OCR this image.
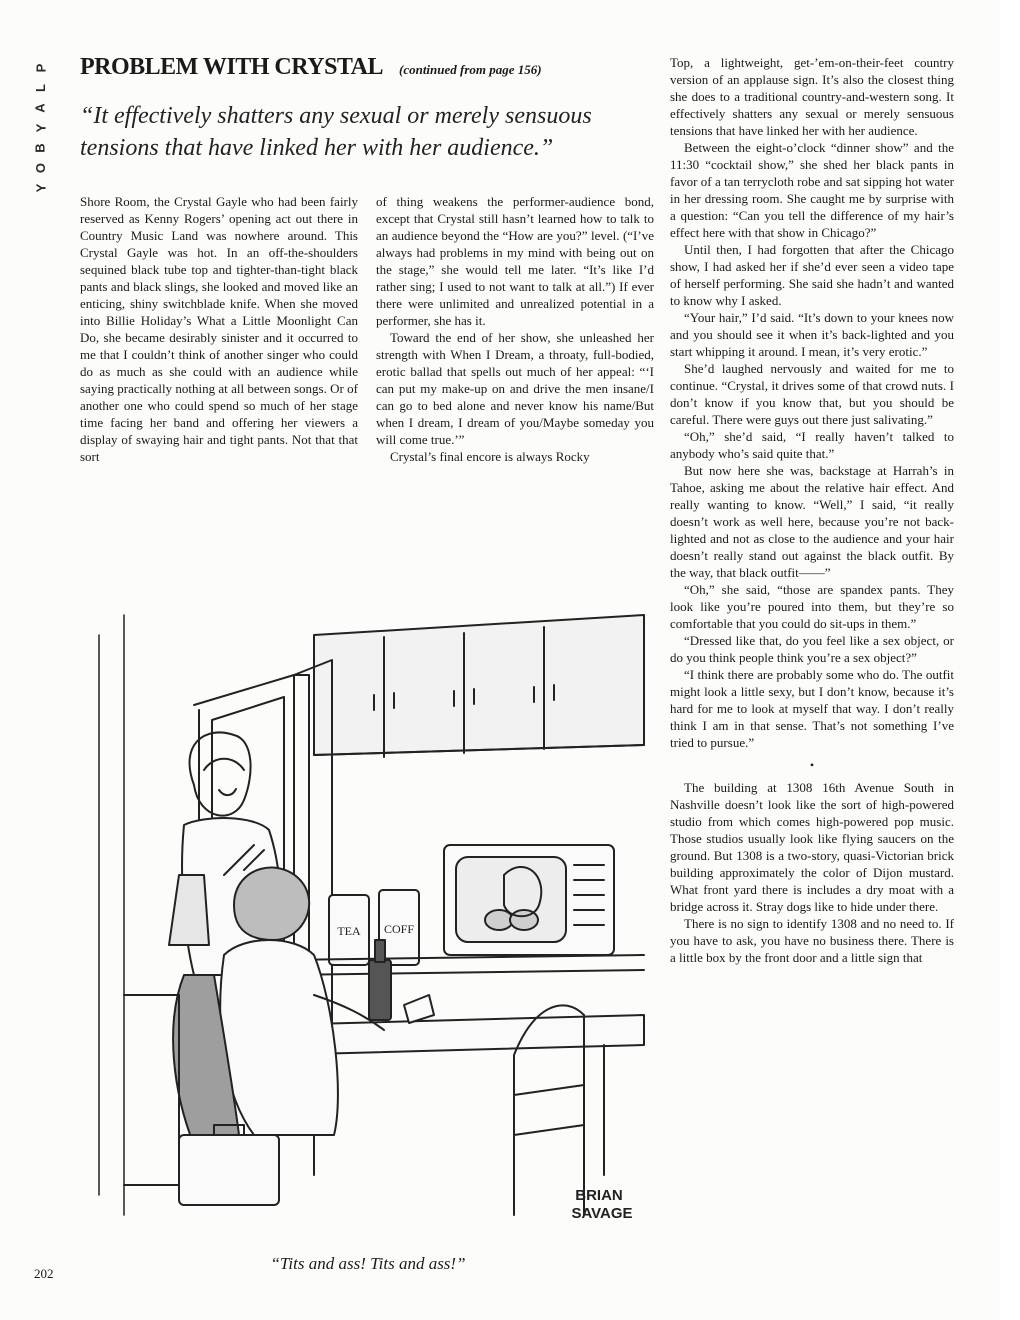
P
L
A
Y
B
O
Y
PROBLEM WITH CRYSTAL (continued from page 156)
“It effectively shatters any sexual or merely sensuous tensions that have linked her with her audience.”

Shore Room, the Crystal Gayle who had been fairly reserved as Kenny Rogers’ opening act out there in Country Music Land was nowhere around. This Crystal Gayle was hot. In an off-the-shoulders sequined black tube top and tighter-than-tight black pants and black slings, she looked and moved like an enticing, shiny switchblade knife. When she moved into Billie Holiday’s What a Little Moonlight Can Do, she became desirably sinister and it occurred to me that I couldn’t think of another singer who could do as much as she could with an audience while saying practically nothing at all between songs. Or of another one who could spend so much of her stage time facing her band and offering her viewers a display of swaying hair and tight pants. Not that that sort

of thing weakens the performer-audience bond, except that Crystal still hasn’t learned how to talk to an audience beyond the “How are you?” level. (“I’ve always had problems in my mind with being out on the stage,” she would tell me later. “It’s like I’d rather sing; I used to not want to talk at all.”) If ever there were unlimited and unrealized potential in a performer, she has it.

Toward the end of her show, she unleashed her strength with When I Dream, a throaty, full-bodied, erotic ballad that spells out much of her appeal: “‘I can put my make-up on and drive the men insane/I can go to bed alone and never know his name/But when I dream, I dream of you/Maybe someday you will come true.’”

Crystal’s final encore is always Rocky

Top, a lightweight, get-’em-on-their-feet country version of an applause sign. It’s also the closest thing she does to a traditional country-and-western song. It effectively shatters any sexual or merely sensuous tensions that have linked her with her audience.

Between the eight-o’clock “dinner show” and the 11:30 “cocktail show,” she shed her black pants in favor of a tan terrycloth robe and sat sipping hot water in her dressing room. She caught me by surprise with a question: “Can you tell the difference of my hair’s effect here with that show in Chicago?”

Until then, I had forgotten that after the Chicago show, I had asked her if she’d ever seen a video tape of herself performing. She said she hadn’t and wanted to know why I asked.

“Your hair,” I’d said. “It’s down to your knees now and you should see it when it’s back-lighted and you start whipping it around. I mean, it’s very erotic.”

She’d laughed nervously and waited for me to continue. “Crystal, it drives some of that crowd nuts. I don’t know if you know that, but you should be careful. There were guys out there just salivating.”

“Oh,” she’d said, “I really haven’t talked to anybody who’s said quite that.”

But now here she was, backstage at Harrah’s in Tahoe, asking me about the relative hair effect. And really wanting to know. “Well,” I said, “it really doesn’t work as well here, because you’re not back-lighted and not as close to the audience and your hair doesn’t really stand out against the black outfit. By the way, that black outfit——”

“Oh,” she said, “those are spandex pants. They look like you’re poured into them, but they’re so comfortable that you could do sit-ups in them.”

“Dressed like that, do you feel like a sex object, or do you think people think you’re a sex object?”

“I think there are probably some who do. The outfit might look a little sexy, but I don’t know, because it’s hard for me to look at myself that way. I don’t really think I am in that sense. That’s not something I’ve tried to pursue.”

•

The building at 1308 16th Avenue South in Nashville doesn’t look like the sort of high-powered studio from which comes high-powered pop music. Those studios usually look like flying saucers on the ground. But 1308 is a two-story, quasi-Victorian brick building approximately the color of Dijon mustard. What front yard there is includes a dry moat with a bridge across it. Stray dogs like to hide under there.

There is no sign to identify 1308 and no need to. If you have to ask, you have no business there. There is a little box by the front door and a little sign that

TEA COFF
BRIAN
SAVAGE
“Tits and ass! Tits and ass!”
202
